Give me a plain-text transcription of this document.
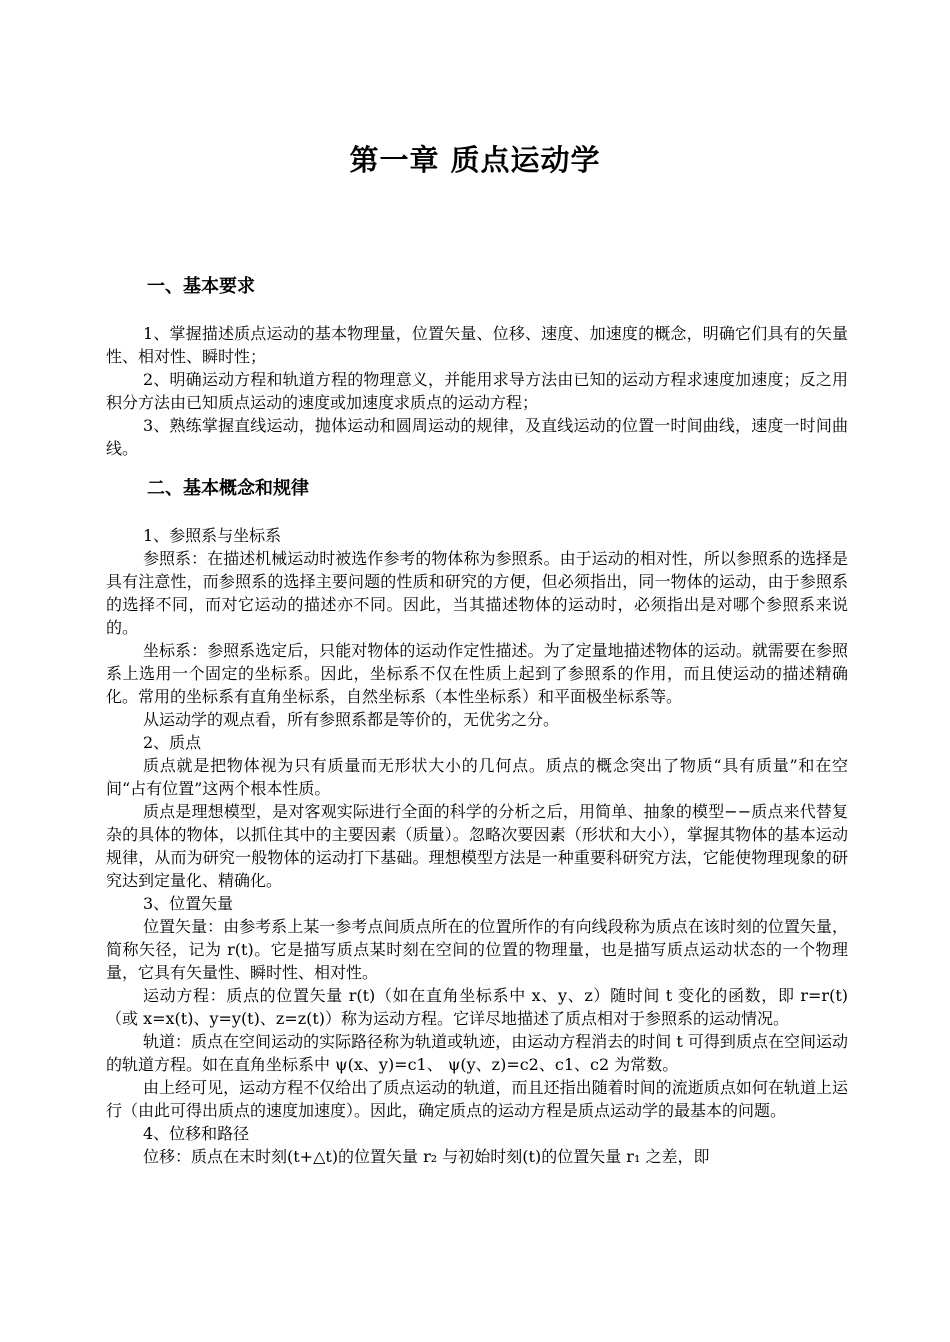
第一章 质点运动学
一、基本要求

1、掌握描述质点运动的基本物理量，位置矢量、位移、速度、加速度的概念，明确它们具有的矢量性、相对性、瞬时性；

2、明确运动方程和轨道方程的物理意义，并能用求导方法由已知的运动方程求速度加速度；反之用积分方法由已知质点运动的速度或加速度求质点的运动方程；

3、熟练掌握直线运动，抛体运动和圆周运动的规律，及直线运动的位置一时间曲线，速度一时间曲线。

二、基本概念和规律

1、参照系与坐标系

参照系：在描述机械运动时被选作参考的物体称为参照系。由于运动的相对性，所以参照系的选择是具有注意性，而参照系的选择主要问题的性质和研究的方便，但必须指出，同一物体的运动，由于参照系的选择不同，而对它运动的描述亦不同。因此，当其描述物体的运动时，必须指出是对哪个参照系来说的。

坐标系：参照系选定后，只能对物体的运动作定性描述。为了定量地描述物体的运动。就需要在参照系上选用一个固定的坐标系。因此，坐标系不仅在性质上起到了参照系的作用，而且使运动的描述精确化。常用的坐标系有直角坐标系，自然坐标系（本性坐标系）和平面极坐标系等。

从运动学的观点看，所有参照系都是等价的，无优劣之分。

2、质点

质点就是把物体视为只有质量而无形状大小的几何点。质点的概念突出了物质“具有质量”和在空间“占有位置”这两个根本性质。

质点是理想模型，是对客观实际进行全面的科学的分析之后，用简单、抽象的模型−−质点来代替复杂的具体的物体，以抓住其中的主要因素（质量）。忽略次要因素（形状和大小），掌握其物体的基本运动规律，从而为研究一般物体的运动打下基础。理想模型方法是一种重要科研究方法，它能使物理现象的研究达到定量化、精确化。

3、位置矢量

位置矢量：由参考系上某一参考点间质点所在的位置所作的有向线段称为质点在该时刻的位置矢量，简称矢径，记为 r(t)。它是描写质点某时刻在空间的位置的物理量，也是描写质点运动状态的一个物理量，它具有矢量性、瞬时性、相对性。

运动方程：质点的位置矢量 r(t)（如在直角坐标系中 x、y、z）随时间 t 变化的函数，即 r=r(t)（或 x=x(t)、y=y(t)、z=z(t)）称为运动方程。它详尽地描述了质点相对于参照系的运动情况。

轨道：质点在空间运动的实际路径称为轨道或轨迹，由运动方程消去的时间 t 可得到质点在空间运动的轨道方程。如在直角坐标系中 ψ(x、y)=c1、 ψ(y、z)=c2、c1、c2 为常数。

由上经可见，运动方程不仅给出了质点运动的轨道，而且还指出随着时间的流逝质点如何在轨道上运行（由此可得出质点的速度加速度）。因此，确定质点的运动方程是质点运动学的最基本的问题。

4、位移和路径

位移：质点在末时刻(t+△t)的位置矢量 r₂ 与初始时刻(t)的位置矢量 r₁ 之差，即
